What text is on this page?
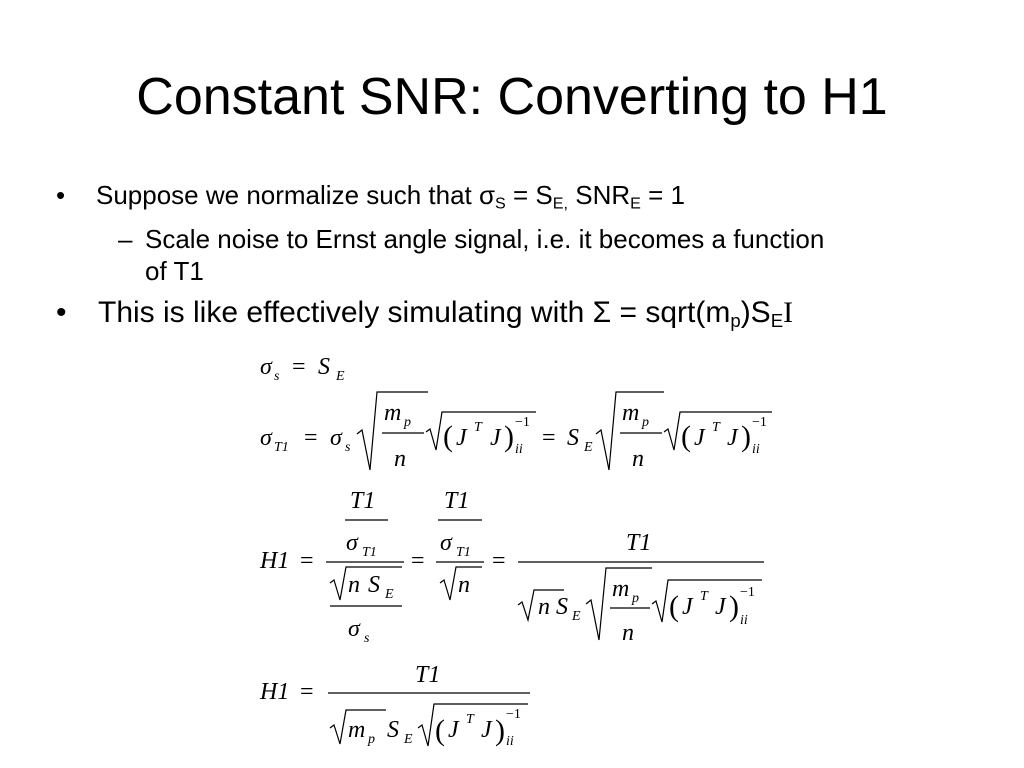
Constant SNR: Converting to H1
•	Suppose we normalize such that $\sigma_S = S_{E,}$ $SNR_E = 1$
– Scale noise to Ernst angle signal, i.e. it becomes a function
of T1
•	This is like effectively simulating with $\Sigma = sqrt(m_p)S_EI$
σ s = S E
σ T1 = σ s
m p
n
( J T J ) −1
ii = S E
m p
n
( J T J ) −1
ii
H1 =
T1
σ T1
n S E
σ s
=
T1
σ T1
n
=
T1
n S E
m p
n
( J T J ) −1
ii
H1 =
T1
m p S E ( J T J ) −1
ii
